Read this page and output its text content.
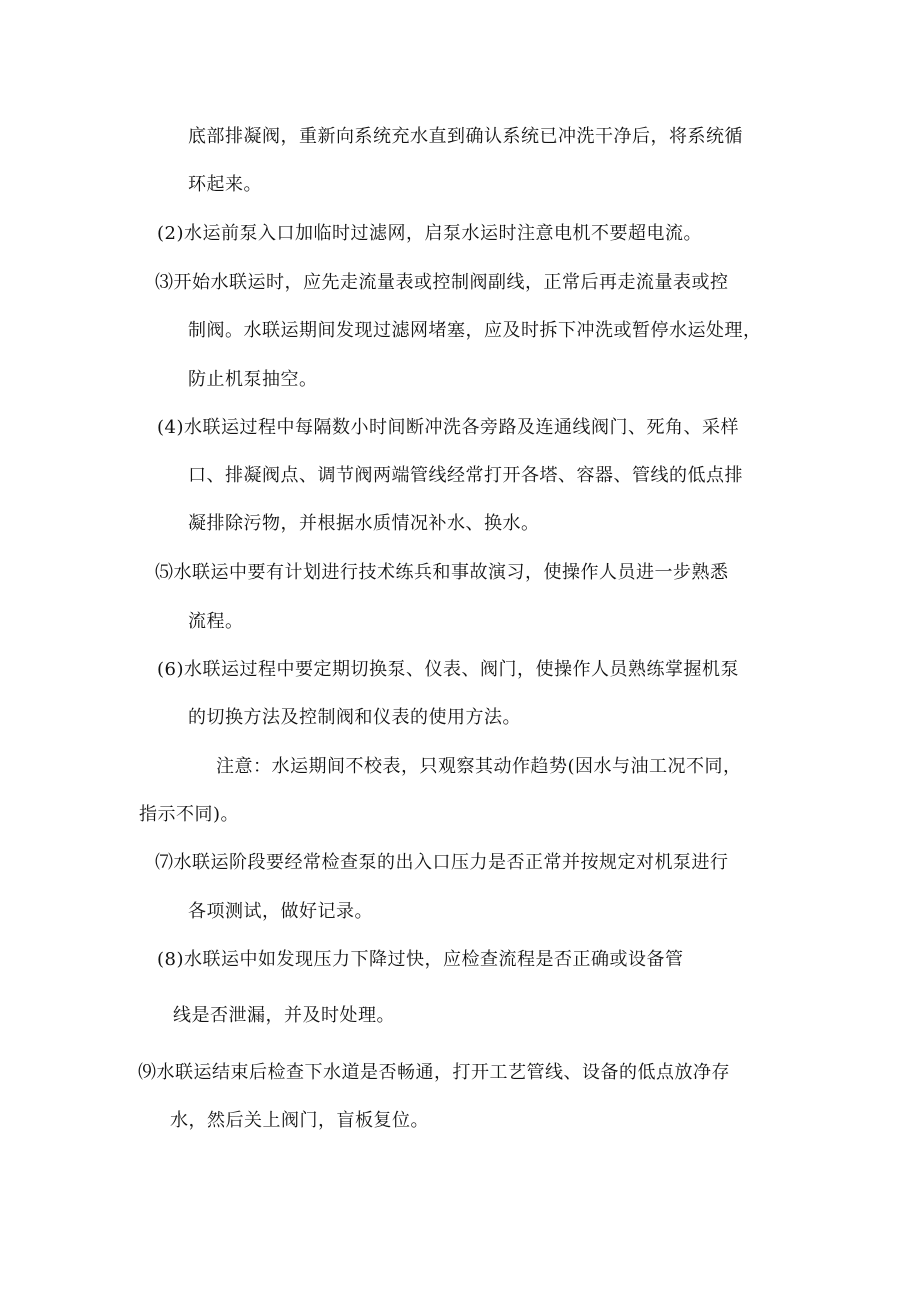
底部排凝阀，重新向系统充水直到确认系统已冲洗干净后，将系统循
环起来。
(2)水运前泵入口加临时过滤网，启泵水运时注意电机不要超电流。
⑶开始水联运时，应先走流量表或控制阀副线，正常后再走流量表或控
制阀。水联运期间发现过滤网堵塞，应及时拆下冲洗或暂停水运处理，
防止机泵抽空。
(4)水联运过程中每隔数小时间断冲洗各旁路及连通线阀门、死角、采样
口、排凝阀点、调节阀两端管线经常打开各塔、容器、管线的低点排
凝排除污物，并根据水质情况补水、换水。
⑸水联运中要有计划进行技术练兵和事故演习，使操作人员进一步熟悉
流程。
(6)水联运过程中要定期切换泵、仪表、阀门，使操作人员熟练掌握机泵
的切换方法及控制阀和仪表的使用方法。
注意：水运期间不校表，只观察其动作趋势(因水与油工况不同，
指示不同)。
⑺水联运阶段要经常检查泵的出入口压力是否正常并按规定对机泵进行
各项测试，做好记录。
(8)水联运中如发现压力下降过快，应检查流程是否正确或设备管
线是否泄漏，并及时处理。
⑼水联运结束后检查下水道是否畅通，打开工艺管线、设备的低点放净存
水，然后关上阀门，盲板复位。
